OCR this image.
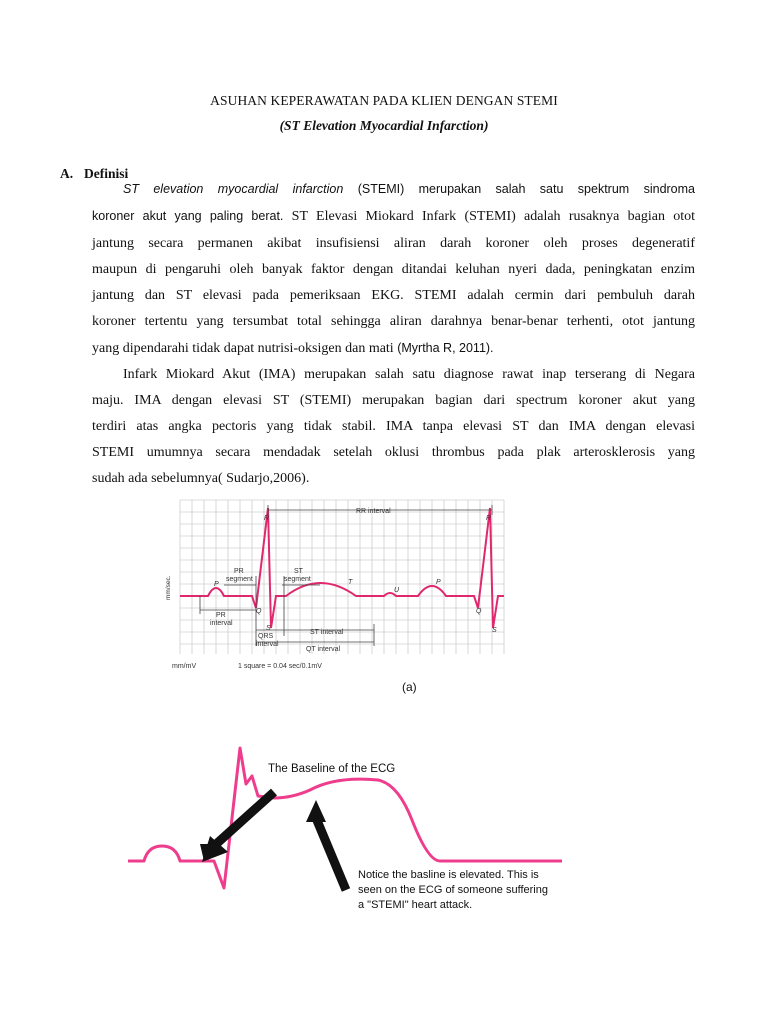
ASUHAN KEPERAWATAN PADA KLIEN DENGAN STEMI
(ST Elevation Myocardial Infarction)
A. Definisi
ST elevation myocardial infarction (STEMI) merupakan salah satu spektrum sindroma
koroner akut yang paling berat. ST Elevasi Miokard Infark (STEMI) adalah rusaknya bagian otot
jantung secara permanen akibat insufisiensi aliran darah koroner oleh proses degeneratif
maupun di pengaruhi oleh banyak faktor dengan ditandai keluhan nyeri dada, peningkatan enzim
jantung dan ST elevasi pada pemeriksaan EKG. STEMI adalah cermin dari pembuluh darah
koroner tertentu yang tersumbat total sehingga aliran darahnya benar-benar terhenti, otot jantung
yang dipendarahi tidak dapat nutrisi-oksigen dan mati (Myrtha R, 2011).
Infark Miokard Akut (IMA) merupakan salah satu diagnose rawat inap terserang di Negara
maju. IMA dengan elevasi ST (STEMI) merupakan bagian dari spectrum koroner akut yang
terdiri atas angka pectoris yang tidak stabil. IMA tanpa elevasi ST dan IMA dengan elevasi
STEMI umumnya secara mendadak setelah oklusi thrombus pada plak arterosklerosis yang
sudah ada sebelumnya( Sudarjo,2006).
RR interval
R	R
P	P
T
U
Q	Q
S	S
PR
segment
ST
segment
PR
interval
QRS
interval
ST interval
QT interval
mm/sec.
mm/mV	1 square = 0.04 sec/0.1mV
(a)
The Baseline of the ECG
Notice the basline is elevated. This is
seen on the ECG of someone suffering
a "STEMI" heart attack.
